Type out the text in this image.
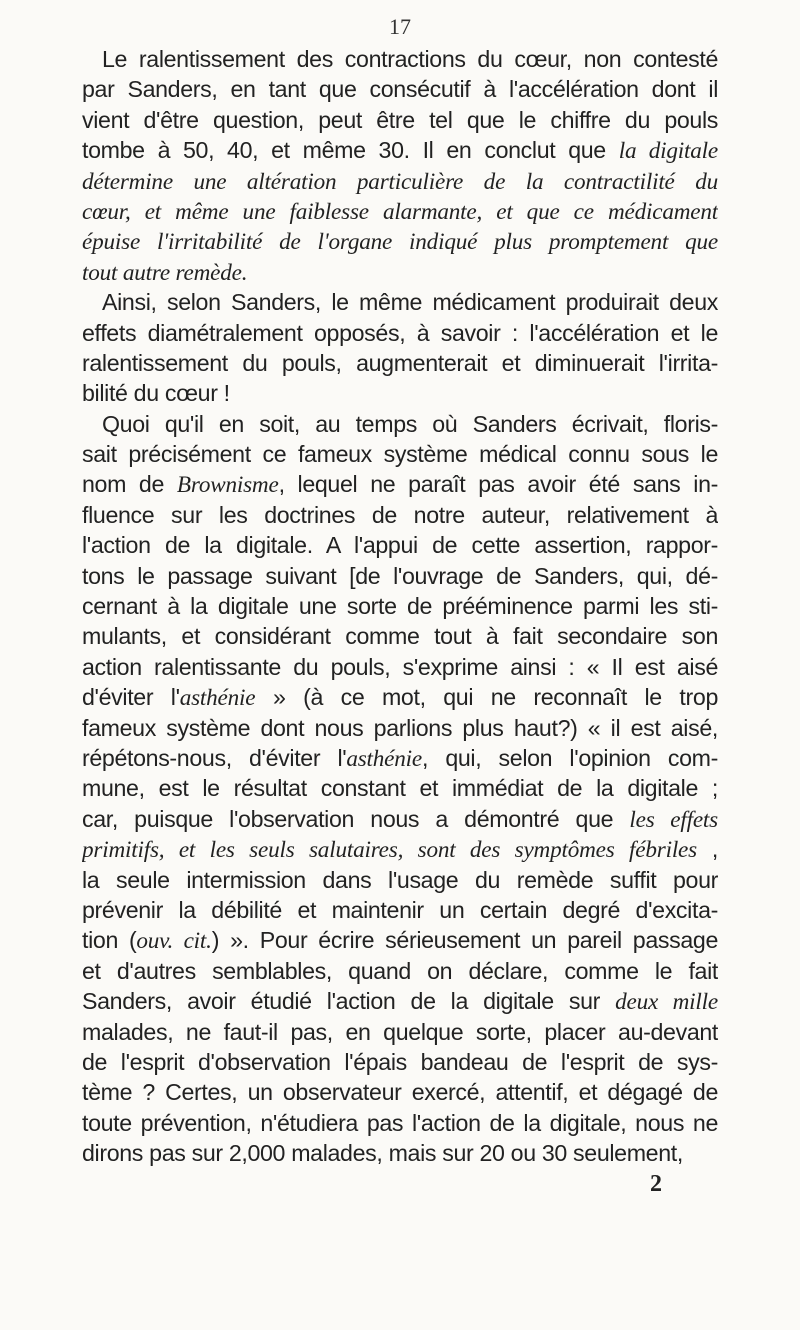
17
Le ralentissement des contractions du cœur, non contesté
par Sanders, en tant que consécutif à l'accélération dont il
vient d'être question, peut être tel que le chiffre du pouls
tombe à 50, 40, et même 30. Il en conclut que la digitale
détermine une altération particulière de la contractilité du
cœur, et même une faiblesse alarmante, et que ce médicament
épuise l'irritabilité de l'organe indiqué plus promptement que
tout autre remède.
Ainsi, selon Sanders, le même médicament produirait deux
effets diamétralement opposés, à savoir : l'accélération et le
ralentissement du pouls, augmenterait et diminuerait l'irrita-
bilité du cœur !
Quoi qu'il en soit, au temps où Sanders écrivait, floris-
sait précisément ce fameux système médical connu sous le
nom de Brownisme, lequel ne paraît pas avoir été sans in-
fluence sur les doctrines de notre auteur, relativement à
l'action de la digitale. A l'appui de cette assertion, rappor-
tons le passage suivant [de l'ouvrage de Sanders, qui, dé-
cernant à la digitale une sorte de prééminence parmi les sti-
mulants, et considérant comme tout à fait secondaire son
action ralentissante du pouls, s'exprime ainsi : « Il est aisé
d'éviter l'asthénie » (à ce mot, qui ne reconnaît le trop
fameux système dont nous parlions plus haut?) « il est aisé,
répétons-nous, d'éviter l'asthénie, qui, selon l'opinion com-
mune, est le résultat constant et immédiat de la digitale ;
car, puisque l'observation nous a démontré que les effets
primitifs, et les seuls salutaires, sont des symptômes fébriles ,
la seule intermission dans l'usage du remède suffit pour
prévenir la débilité et maintenir un certain degré d'excita-
tion (ouv. cit.) ». Pour écrire sérieusement un pareil passage
et d'autres semblables, quand on déclare, comme le fait
Sanders, avoir étudié l'action de la digitale sur deux mille
malades, ne faut-il pas, en quelque sorte, placer au-devant
de l'esprit d'observation l'épais bandeau de l'esprit de sys-
tème ? Certes, un observateur exercé, attentif, et dégagé de
toute prévention, n'étudiera pas l'action de la digitale, nous ne
dirons pas sur 2,000 malades, mais sur 20 ou 30 seulement,
2
